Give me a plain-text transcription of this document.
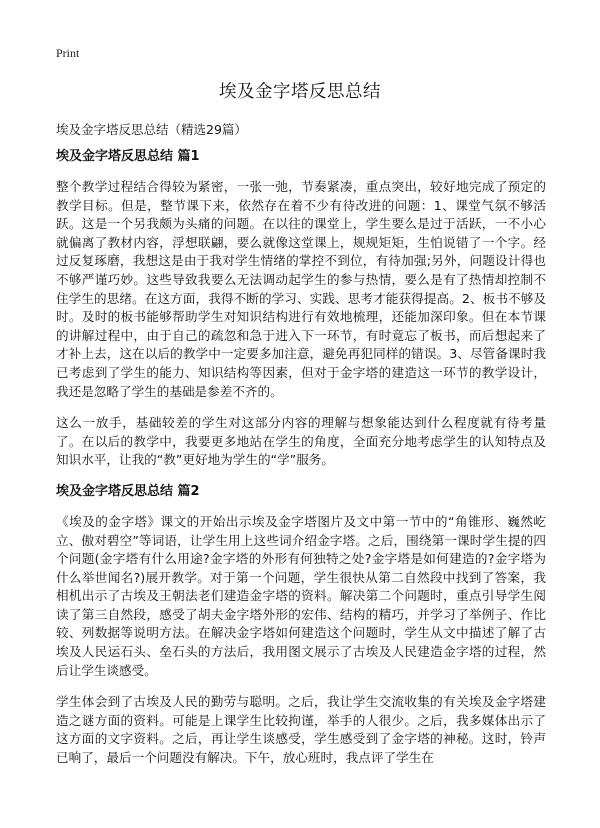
Print
埃及金字塔反思总结

埃及金字塔反思总结（精选29篇）

埃及金字塔反思总结 篇1

整个教学过程结合得较为紧密，一张一弛，节奏紧凑，重点突出，较好地完成了预定的教学目标。但是，整节课下来，依然存在着不少有待改进的问题：1、课堂气氛不够活跃。这是一个另我颇为头痛的问题。在以往的课堂上，学生要么是过于活跃，一不小心就偏离了教材内容，浮想联翩，要么就像这堂课上，规规矩矩，生怕说错了一个字。经过反复琢磨，我想这是由于我对学生情绪的掌控不到位，有待加强;另外，问题设计得也不够严谨巧妙。这些导致我要么无法调动起学生的参与热情，要么是有了热情却控制不住学生的思绪。在这方面，我得不断的学习、实践、思考才能获得提高。2、板书不够及时。及时的板书能够帮助学生对知识结构进行有效地梳理，还能加深印象。但在本节课的讲解过程中，由于自己的疏忽和急于进入下一环节，有时竟忘了板书，而后想起来了才补上去，这在以后的教学中一定要多加注意，避免再犯同样的错误。3、尽管备课时我已考虑到了学生的能力、知识结构等因素，但对于金字塔的建造这一环节的教学设计，我还是忽略了学生的基础是参差不齐的。

这么一放手，基础较差的学生对这部分内容的理解与想象能达到什么程度就有待考量了。在以后的教学中，我要更多地站在学生的角度，全面充分地考虑学生的认知特点及知识水平，让我的“教”更好地为学生的“学”服务。

埃及金字塔反思总结 篇2

《埃及的金字塔》课文的开始出示埃及金字塔图片及文中第一节中的“角锥形、巍然屹立、傲对碧空”等词语，让学生用上这些词介绍金字塔。之后，围绕第一课时学生提的四个问题(金字塔有什么用途?金字塔的外形有何独特之处?金字塔是如何建造的?金字塔为什么举世闻名?)展开教学。对于第一个问题，学生很快从第二自然段中找到了答案，我相机出示了古埃及王朝法老们建造金字塔的资料。解决第二个问题时，重点引导学生阅读了第三自然段，感受了胡夫金字塔外形的宏伟、结构的精巧，并学习了举例子、作比较、列数据等说明方法。在解决金字塔如何建造这个问题时，学生从文中描述了解了古埃及人民运石头、垒石头的方法后，我用图文展示了古埃及人民建造金字塔的过程，然后让学生谈感受。

学生体会到了古埃及人民的勤劳与聪明。之后，我让学生交流收集的有关埃及金字塔建造之谜方面的资料。可能是上课学生比较拘谨，举手的人很少。之后，我多媒体出示了这方面的文字资料。之后，再让学生谈感受，学生感受到了金字塔的神秘。这时，铃声已响了，最后一个问题没有解决。下午，放心班时，我点评了学生在
